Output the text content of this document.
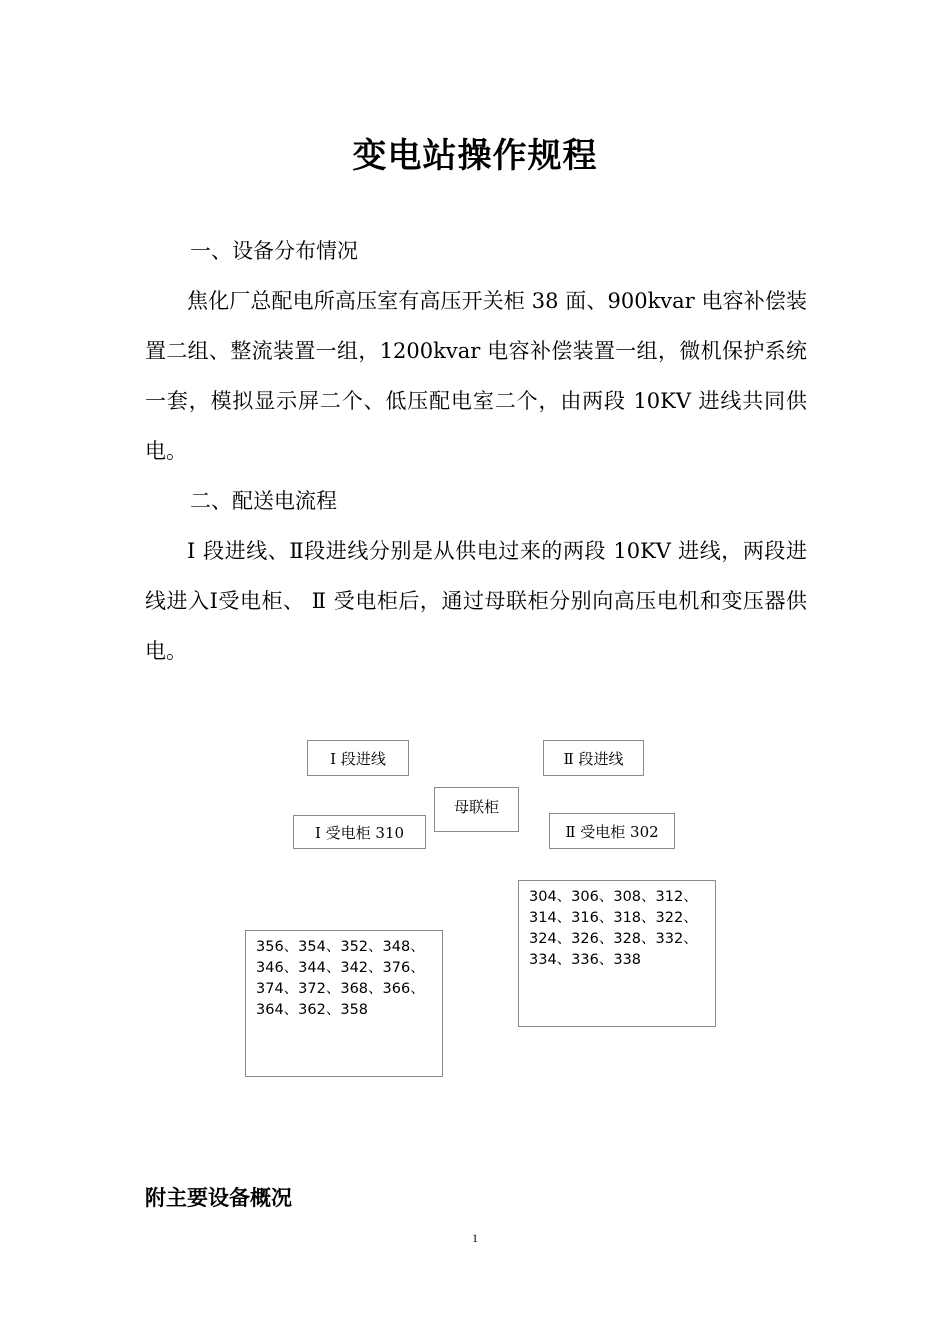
变电站操作规程
一、设备分布情况
焦化厂总配电所高压室有高压开关柜 38 面、900kvar 电容补偿装置二组、整流装置一组，1200kvar 电容补偿装置一组，微机保护系统一套，模拟显示屏二个、低压配电室二个，由两段 10KV 进线共同供电。
二、配送电流程
Ⅰ 段进线、Ⅱ段进线分别是从供电过来的两段 10KV 进线，两段进线进入Ⅰ受电柜、 Ⅱ 受电柜后，通过母联柜分别向高压电机和变压器供电。
Ⅰ 段进线	Ⅱ 段进线
母联柜
Ⅰ 受电柜 310	Ⅱ 受电柜 302
356、354、352、348、346、344、342、376、374、372、368、366、364、362、358
304、306、308、312、314、316、318、322、324、326、328、332、334、336、338
附主要设备概况
1
